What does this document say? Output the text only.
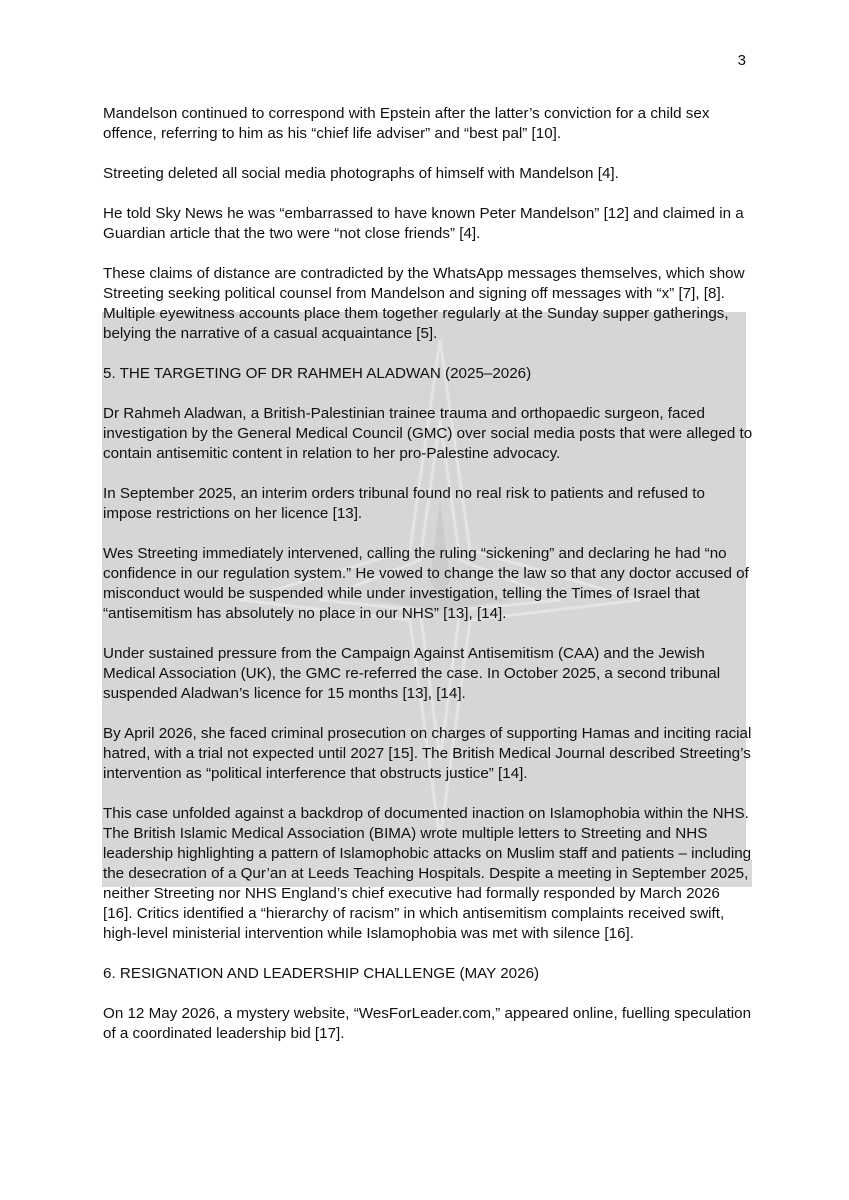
3

Mandelson continued to correspond with Epstein after the latter’s conviction for a child sex offence, referring to him as his “chief life adviser” and “best pal” [10].

Streeting deleted all social media photographs of himself with Mandelson [4].

He told Sky News he was “embarrassed to have known Peter Mandelson” [12] and claimed in a Guardian article that the two were “not close friends” [4].

These claims of distance are contradicted by the WhatsApp messages themselves, which show Streeting seeking political counsel from Mandelson and signing off messages with “x” [7], [8]. Multiple eyewitness accounts place them together regularly at the Sunday supper gatherings, belying the narrative of a casual acquaintance [5].

5. THE TARGETING OF DR RAHMEH ALADWAN (2025–2026)

Dr Rahmeh Aladwan, a British-Palestinian trainee trauma and orthopaedic surgeon, faced investigation by the General Medical Council (GMC) over social media posts that were alleged to contain antisemitic content in relation to her pro-Palestine advocacy.

In September 2025, an interim orders tribunal found no real risk to patients and refused to impose restrictions on her licence [13].

Wes Streeting immediately intervened, calling the ruling “sickening” and declaring he had “no confidence in our regulation system.” He vowed to change the law so that any doctor accused of misconduct would be suspended while under investigation, telling the Times of Israel that “antisemitism has absolutely no place in our NHS” [13], [14].

Under sustained pressure from the Campaign Against Antisemitism (CAA) and the Jewish Medical Association (UK), the GMC re-referred the case. In October 2025, a second tribunal suspended Aladwan’s licence for 15 months [13], [14].

By April 2026, she faced criminal prosecution on charges of supporting Hamas and inciting racial hatred, with a trial not expected until 2027 [15]. The British Medical Journal described Streeting’s intervention as “political interference that obstructs justice” [14].

This case unfolded against a backdrop of documented inaction on Islamophobia within the NHS. The British Islamic Medical Association (BIMA) wrote multiple letters to Streeting and NHS leadership highlighting a pattern of Islamophobic attacks on Muslim staff and patients – including the desecration of a Qur’an at Leeds Teaching Hospitals. Despite a meeting in September 2025, neither Streeting nor NHS England’s chief executive had formally responded by March 2026 [16]. Critics identified a “hierarchy of racism” in which antisemitism complaints received swift, high-level ministerial intervention while Islamophobia was met with silence [16].

6. RESIGNATION AND LEADERSHIP CHALLENGE (MAY 2026)

On 12 May 2026, a mystery website, “WesForLeader.com,” appeared online, fuelling speculation of a coordinated leadership bid [17].
